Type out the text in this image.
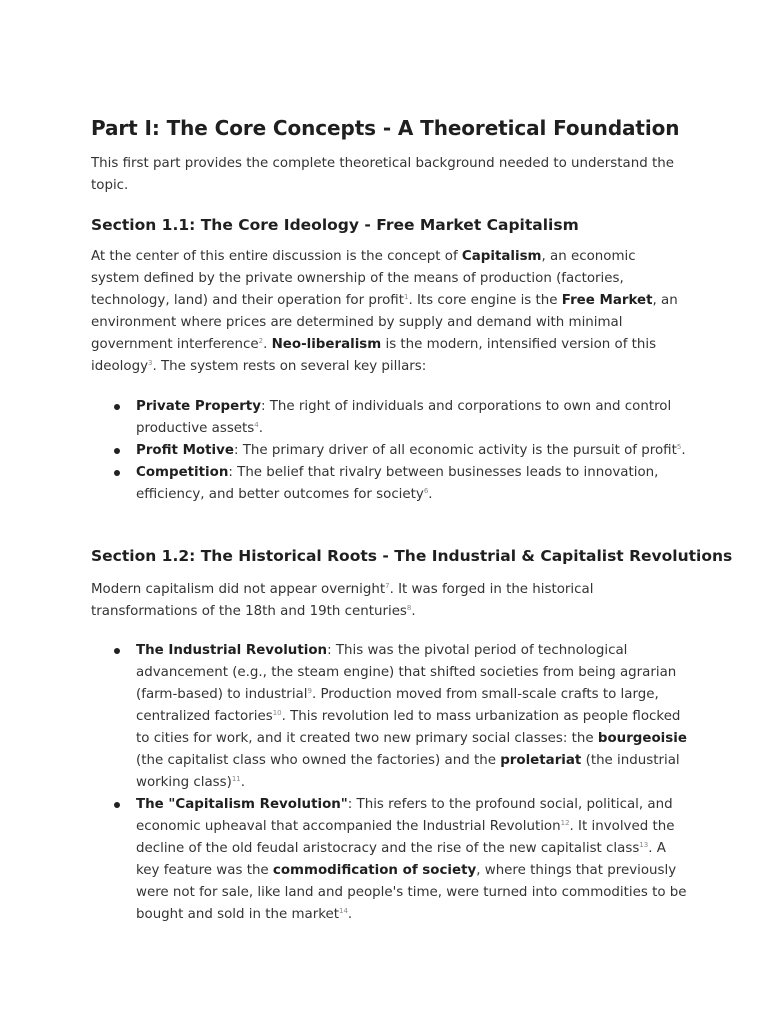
Part I: The Core Concepts - A Theoretical Foundation

This first part provides the complete theoretical background needed to understand the topic.

Section 1.1: The Core Ideology - Free Market Capitalism

At the center of this entire discussion is the concept of Capitalism, an economic system defined by the private ownership of the means of production (factories, technology, land) and their operation for profit$^1$. Its core engine is the Free Market, an environment where prices are determined by supply and demand with minimal government interference$^2$. Neo-liberalism is the modern, intensified version of this ideology$^3$. The system rests on several key pillars:

Private Property: The right of individuals and corporations to own and control productive assets$^4$.
Profit Motive: The primary driver of all economic activity is the pursuit of profit$^5$.
Competition: The belief that rivalry between businesses leads to innovation, efficiency, and better outcomes for society$^6$.
Section 1.2: The Historical Roots - The Industrial & Capitalist Revolutions

Modern capitalism did not appear overnight$^7$. It was forged in the historical transformations of the 18th and 19th centuries$^8$.

The Industrial Revolution: This was the pivotal period of technological advancement (e.g., the steam engine) that shifted societies from being agrarian (farm-based) to industrial$^9$. Production moved from small-scale crafts to large, centralized factories$^{10}$. This revolution led to mass urbanization as people flocked to cities for work, and it created two new primary social classes: the bourgeoisie (the capitalist class who owned the factories) and the proletariat (the industrial working class)$^{11}$.
The "Capitalism Revolution": This refers to the profound social, political, and economic upheaval that accompanied the Industrial Revolution$^{12}$. It involved the decline of the old feudal aristocracy and the rise of the new capitalist class$^{13}$. A key feature was the commodification of society, where things that previously were not for sale, like land and people's time, were turned into commodities to be bought and sold in the market$^{14}$.
